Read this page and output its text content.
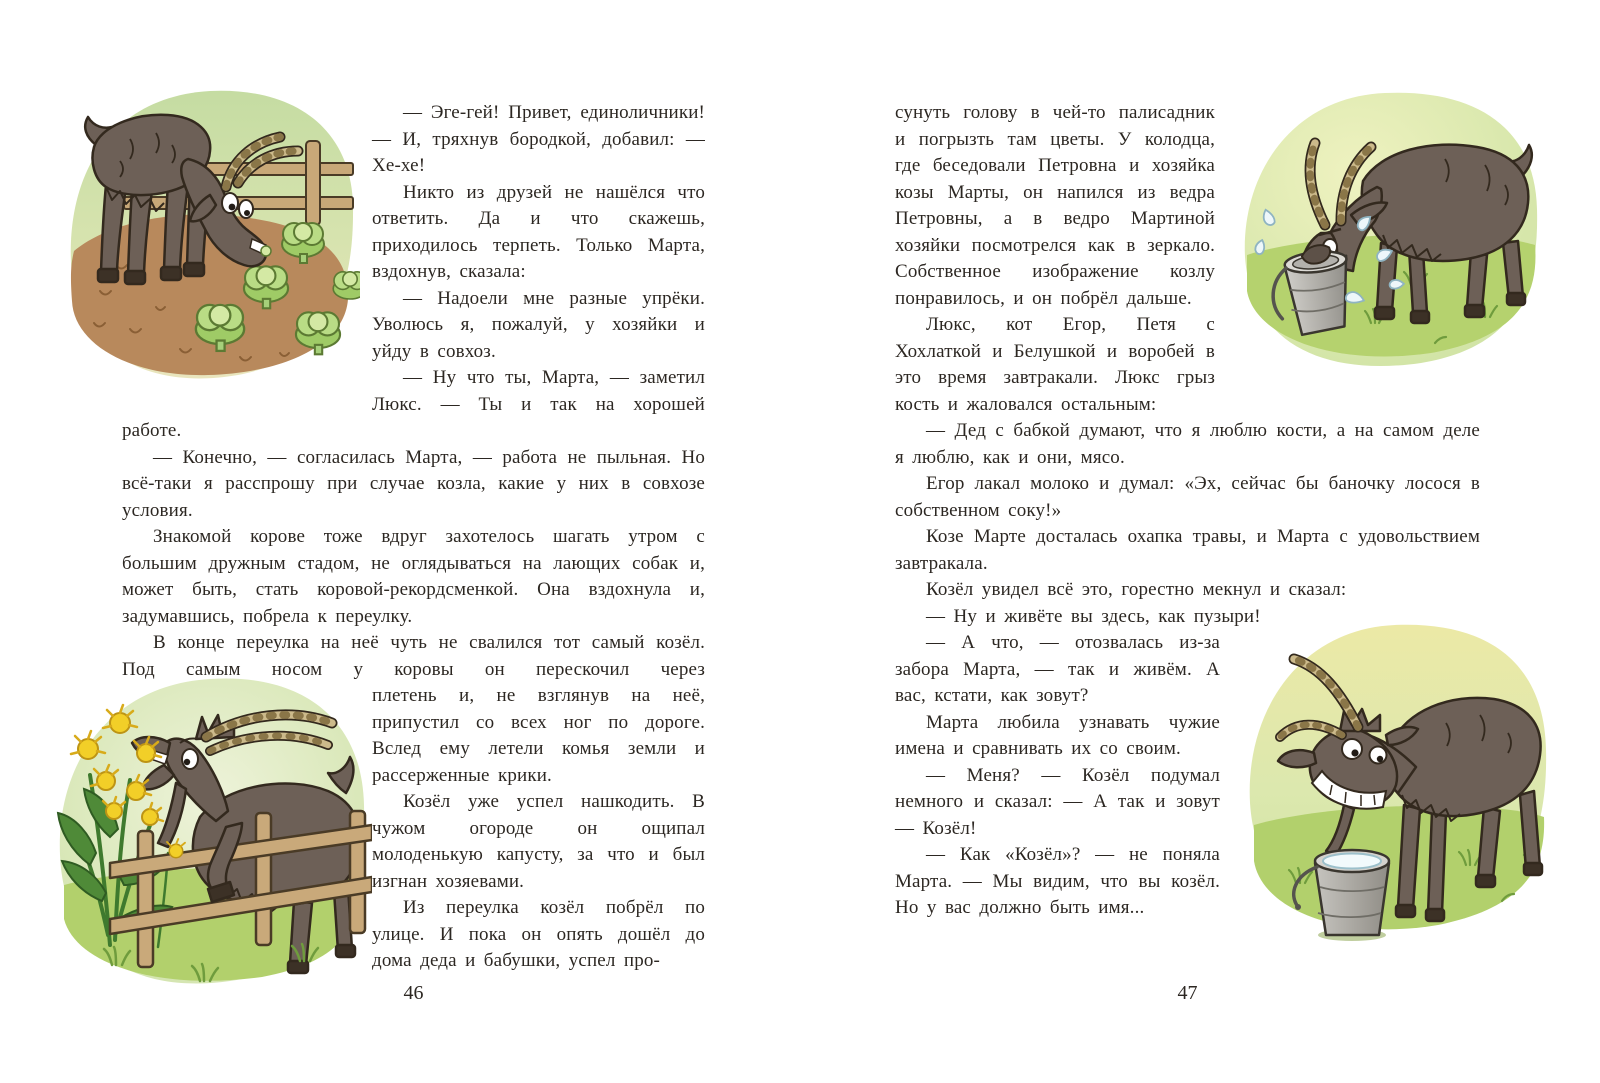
— Эге-гей! Привет, единоличники! — И, тряхнув бородкой, добавил: — Хе-хе!

Никто из друзей не нашёлся что ответить. Да и что скажешь, приходилось терпеть. Только Марта, вздохнув, сказала:

— Надоели мне разные упрёки. Уволюсь я, пожалуй, у хозяйки и уйду в совхоз.

— Ну что ты, Марта, — заметил Люкс. — Ты и так на хорошей работе.

— Конечно, — согласилась Марта, — работа не пыльная. Но всё-таки я расспрошу при случае козла, какие у них в совхозе условия.

Знакомой корове тоже вдруг захотелось шагать утром с большим дружным стадом, не оглядываться на лающих собак и, может быть, стать коровой-рекордсменкой. Она вздохнула и, задумавшись, побрела к переулку.

В конце переулка на неё чуть не свалился тот самый козёл. Под самым носом у коровы он перескочил через

плетень и, не взглянув на неё, припустил со всех ног по дороге. Вслед ему летели комья земли и рассерженные крики.

Козёл уже успел нашкодить. В чужом огороде он ощипал молоденькую капусту, за что и был изгнан хозяевами.

Из переулка козёл побрёл по улице. И пока он опять дошёл до дома деда и бабушки, успел про-

46

сунуть голову в чей-то палисадник и погрызть там цветы. У колодца, где беседовали Петровна и хозяйка козы Марты, он напился из ведра Петровны, а в ведро Мартиной хозяйки посмотрелся как в зеркало. Собственное изображение козлу понравилось, и он побрёл дальше.

Люкс, кот Егор, Петя с Хохлаткой и Белушкой и воробей в это время завтракали. Люкс грыз кость и жаловался остальным:

— Дед с бабкой думают, что я люблю кости, а на самом деле я люблю, как и они, мясо.

Егор лакал молоко и думал: «Эх, сейчас бы баночку лосося в собственном соку!»

Козе Марте досталась охапка травы, и Марта с удовольствием завтракала.

Козёл увидел всё это, горестно мекнул и сказал:

— Ну и живёте вы здесь, как пузыри!

— А что, — отозвалась из-за забора Марта, — так и живём. А вас, кстати, как зовут?

Марта любила узнавать чужие имена и сравнивать их со своим.

— Меня? — Козёл подумал немного и сказал: — А так и зовут — Козёл!

— Как «Козёл»? — не поняла Марта. — Мы видим, что вы козёл. Но у вас должно быть имя...

47
